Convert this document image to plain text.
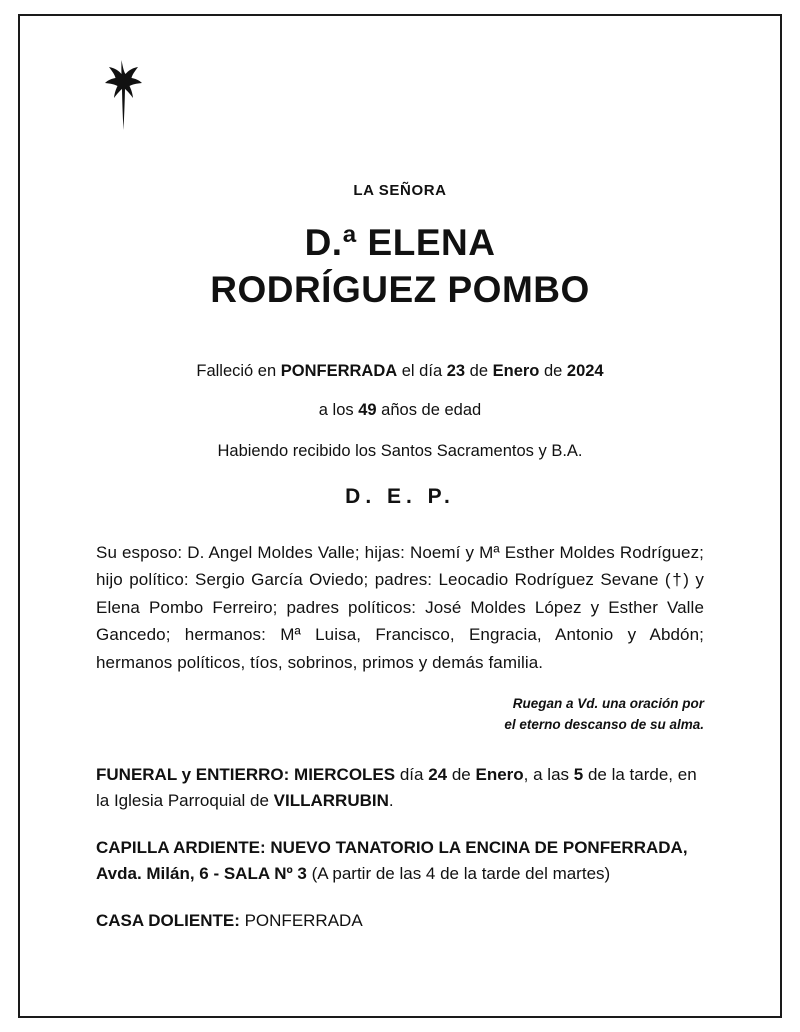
LA SEÑORA
D.ª ELENA
RODRÍGUEZ POMBO
Falleció en PONFERRADA el día 23 de Enero de 2024
a los 49 años de edad
Habiendo recibido los Santos Sacramentos y B.A.
D. E. P.
Su esposo: D. Angel Moldes Valle; hijas: Noemí y Mª Esther Moldes Rodríguez; hijo político: Sergio García Oviedo; padres: Leocadio Rodríguez Sevane (†) y Elena Pombo Ferreiro; padres políticos: José Moldes López y Esther Valle Gancedo; hermanos: Mª Luisa, Francisco, Engracia, Antonio y Abdón; hermanos políticos, tíos, sobrinos, primos y demás familia.
Ruegan a Vd. una oración por
el eterno descanso de su alma.
FUNERAL y ENTIERRO: MIERCOLES día 24 de Enero, a las 5 de la tarde, en la Iglesia Parroquial de VILLARRUBIN.
CAPILLA ARDIENTE: NUEVO TANATORIO LA ENCINA DE PONFERRADA, Avda. Milán, 6 - SALA Nº 3 (A partir de las 4 de la tarde del martes)
CASA DOLIENTE: PONFERRADA
